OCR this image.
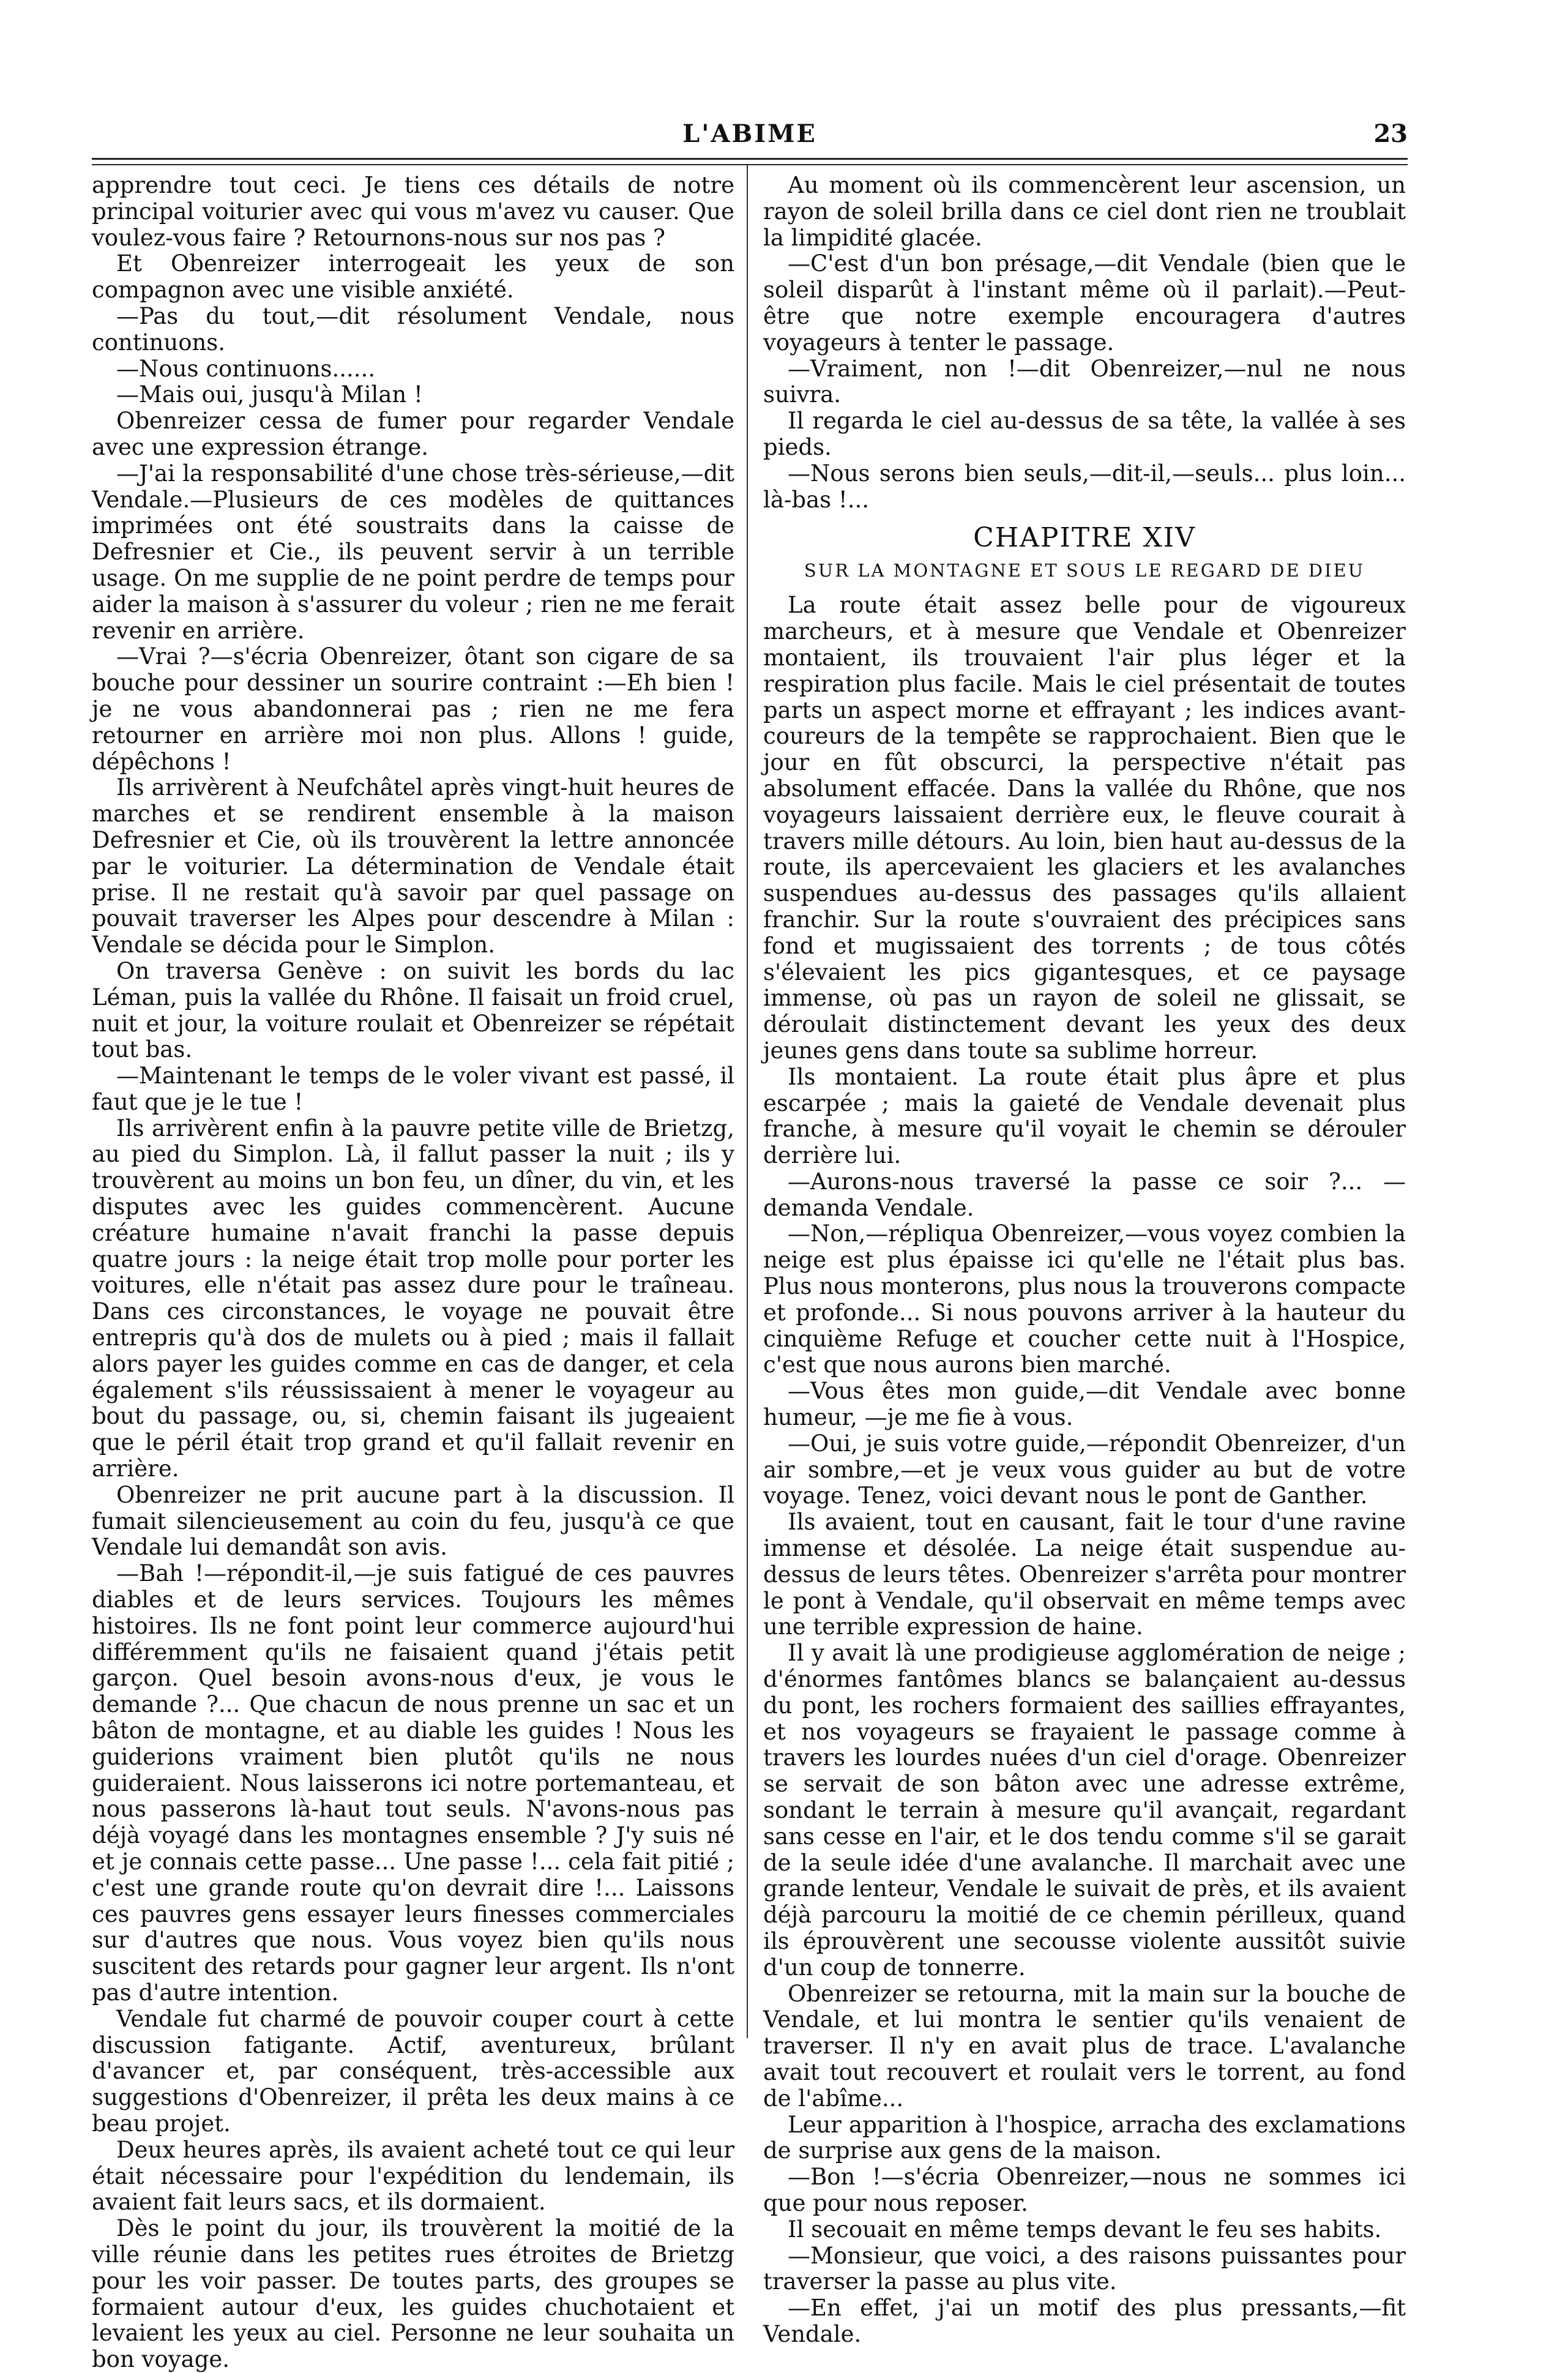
L'ABIME	23

apprendre tout ceci. Je tiens ces détails de notre principal voiturier avec qui vous m'avez vu causer. Que voulez-vous faire ? Retournons-nous sur nos pas ?

Et Obenreizer interrogeait les yeux de son compagnon avec une visible anxiété.

—Pas du tout,—dit résolument Vendale, nous continuons.

—Nous continuons......

—Mais oui, jusqu'à Milan !

Obenreizer cessa de fumer pour regarder Vendale avec une expression étrange.

—J'ai la responsabilité d'une chose très-sérieuse,—dit Vendale.—Plusieurs de ces modèles de quittances imprimées ont été soustraits dans la caisse de Defresnier et Cie., ils peuvent servir à un terrible usage. On me supplie de ne point perdre de temps pour aider la maison à s'assurer du voleur ; rien ne me ferait revenir en arrière.

—Vrai ?—s'écria Obenreizer, ôtant son cigare de sa bouche pour dessiner un sourire contraint :—Eh bien ! je ne vous abandonnerai pas ; rien ne me fera retourner en arrière moi non plus. Allons ! guide, dépêchons !

Ils arrivèrent à Neufchâtel après vingt-huit heures de marches et se rendirent ensemble à la maison Defresnier et Cie, où ils trouvèrent la lettre annoncée par le voiturier. La détermination de Vendale était prise. Il ne restait qu'à savoir par quel passage on pouvait traverser les Alpes pour descendre à Milan : Vendale se décida pour le Simplon.

On traversa Genève : on suivit les bords du lac Léman, puis la vallée du Rhône. Il faisait un froid cruel, nuit et jour, la voiture roulait et Obenreizer se répétait tout bas.

—Maintenant le temps de le voler vivant est passé, il faut que je le tue !

Ils arrivèrent enfin à la pauvre petite ville de Brietzg, au pied du Simplon. Là, il fallut passer la nuit ; ils y trouvèrent au moins un bon feu, un dîner, du vin, et les disputes avec les guides commencèrent. Aucune créature humaine n'avait franchi la passe depuis quatre jours : la neige était trop molle pour porter les voitures, elle n'était pas assez dure pour le traîneau. Dans ces circonstances, le voyage ne pouvait être entrepris qu'à dos de mulets ou à pied ; mais il fallait alors payer les guides comme en cas de danger, et cela également s'ils réussissaient à mener le voyageur au bout du passage, ou, si, chemin faisant ils jugeaient que le péril était trop grand et qu'il fallait revenir en arrière.

Obenreizer ne prit aucune part à la discussion. Il fumait silencieusement au coin du feu, jusqu'à ce que Vendale lui demandât son avis.

—Bah !—répondit-il,—je suis fatigué de ces pauvres diables et de leurs services. Toujours les mêmes histoires. Ils ne font point leur commerce aujourd'hui différemment qu'ils ne faisaient quand j'étais petit garçon. Quel besoin avons-nous d'eux, je vous le demande ?... Que chacun de nous prenne un sac et un bâton de montagne, et au diable les guides ! Nous les guiderions vraiment bien plutôt qu'ils ne nous guideraient. Nous laisserons ici notre portemanteau, et nous passerons là-haut tout seuls. N'avons-nous pas déjà voyagé dans les montagnes ensemble ? J'y suis né et je connais cette passe... Une passe !... cela fait pitié ; c'est une grande route qu'on devrait dire !... Laissons ces pauvres gens essayer leurs finesses commerciales sur d'autres que nous. Vous voyez bien qu'ils nous suscitent des retards pour gagner leur argent. Ils n'ont pas d'autre intention.

Vendale fut charmé de pouvoir couper court à cette discussion fatigante. Actif, aventureux, brûlant d'avancer et, par conséquent, très-accessible aux suggestions d'Obenreizer, il prêta les deux mains à ce beau projet.

Deux heures après, ils avaient acheté tout ce qui leur était nécessaire pour l'expédition du lendemain, ils avaient fait leurs sacs, et ils dormaient.

Dès le point du jour, ils trouvèrent la moitié de la ville réunie dans les petites rues étroites de Brietzg pour les voir passer. De toutes parts, des groupes se formaient autour d'eux, les guides chuchotaient et levaient les yeux au ciel. Personne ne leur souhaita un bon voyage.

Au moment où ils commencèrent leur ascension, un rayon de soleil brilla dans ce ciel dont rien ne troublait la limpidité glacée.

—C'est d'un bon présage,—dit Vendale (bien que le soleil disparût à l'instant même où il parlait).—Peut-être que notre exemple encouragera d'autres voyageurs à tenter le passage.

—Vraiment, non !—dit Obenreizer,—nul ne nous suivra.

Il regarda le ciel au-dessus de sa tête, la vallée à ses pieds.

—Nous serons bien seuls,—dit-il,—seuls... plus loin... là-bas !...

CHAPITRE XIV
SUR LA MONTAGNE ET SOUS LE REGARD DE DIEU

La route était assez belle pour de vigoureux marcheurs, et à mesure que Vendale et Obenreizer montaient, ils trouvaient l'air plus léger et la respiration plus facile. Mais le ciel présentait de toutes parts un aspect morne et effrayant ; les indices avant-coureurs de la tempête se rapprochaient. Bien que le jour en fût obscurci, la perspective n'était pas absolument effacée. Dans la vallée du Rhône, que nos voyageurs laissaient derrière eux, le fleuve courait à travers mille détours. Au loin, bien haut au-dessus de la route, ils apercevaient les glaciers et les avalanches suspendues au-dessus des passages qu'ils allaient franchir. Sur la route s'ouvraient des précipices sans fond et mugissaient des torrents ; de tous côtés s'élevaient les pics gigantesques, et ce paysage immense, où pas un rayon de soleil ne glissait, se déroulait distinctement devant les yeux des deux jeunes gens dans toute sa sublime horreur.

Ils montaient. La route était plus âpre et plus escarpée ; mais la gaieté de Vendale devenait plus franche, à mesure qu'il voyait le chemin se dérouler derrière lui.

—Aurons-nous traversé la passe ce soir ?... — demanda Vendale.

—Non,—répliqua Obenreizer,—vous voyez combien la neige est plus épaisse ici qu'elle ne l'était plus bas. Plus nous monterons, plus nous la trouverons compacte et profonde... Si nous pouvons arriver à la hauteur du cinquième Refuge et coucher cette nuit à l'Hospice, c'est que nous aurons bien marché.

—Vous êtes mon guide,—dit Vendale avec bonne humeur, —je me fie à vous.

—Oui, je suis votre guide,—répondit Obenreizer, d'un air sombre,—et je veux vous guider au but de votre voyage. Tenez, voici devant nous le pont de Ganther.

Ils avaient, tout en causant, fait le tour d'une ravine immense et désolée. La neige était suspendue au-dessus de leurs têtes. Obenreizer s'arrêta pour montrer le pont à Vendale, qu'il observait en même temps avec une terrible expression de haine.

Il y avait là une prodigieuse agglomération de neige ; d'énormes fantômes blancs se balançaient au-dessus du pont, les rochers formaient des saillies effrayantes, et nos voyageurs se frayaient le passage comme à travers les lourdes nuées d'un ciel d'orage. Obenreizer se servait de son bâton avec une adresse extrême, sondant le terrain à mesure qu'il avançait, regardant sans cesse en l'air, et le dos tendu comme s'il se garait de la seule idée d'une avalanche. Il marchait avec une grande lenteur, Vendale le suivait de près, et ils avaient déjà parcouru la moitié de ce chemin périlleux, quand ils éprouvèrent une secousse violente aussitôt suivie d'un coup de tonnerre.

Obenreizer se retourna, mit la main sur la bouche de Vendale, et lui montra le sentier qu'ils venaient de traverser. Il n'y en avait plus de trace. L'avalanche avait tout recouvert et roulait vers le torrent, au fond de l'abîme...

Leur apparition à l'hospice, arracha des exclamations de surprise aux gens de la maison.

—Bon !—s'écria Obenreizer,—nous ne sommes ici que pour nous reposer.

Il secouait en même temps devant le feu ses habits.

—Monsieur, que voici, a des raisons puissantes pour traverser la passe au plus vite.

—En effet, j'ai un motif des plus pressants,—fit Vendale.
